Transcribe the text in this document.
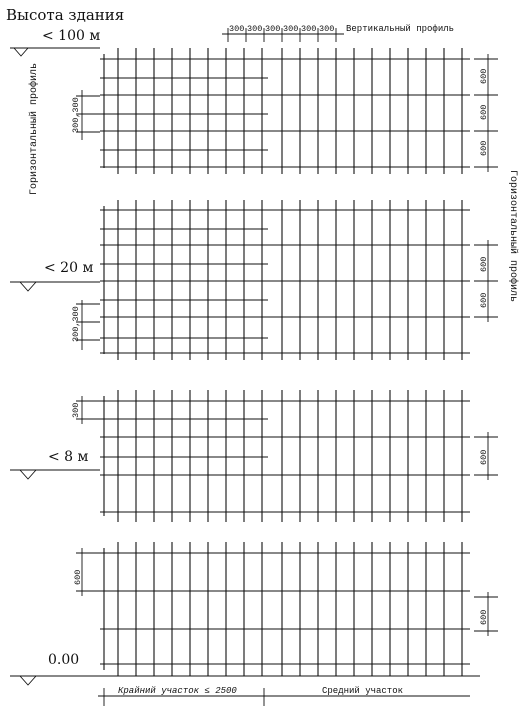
Высота здания
< 100 м
< 20 м
< 8 м
0.00
300 300 300 300 300 300 Вертикальный профиль
Горизонтальный профиль
Горизонтальный профиль
300,300
300,300
300
600
600
600
600
600
600
600
600
Крайний участок ≤ 2500	Средний участок
